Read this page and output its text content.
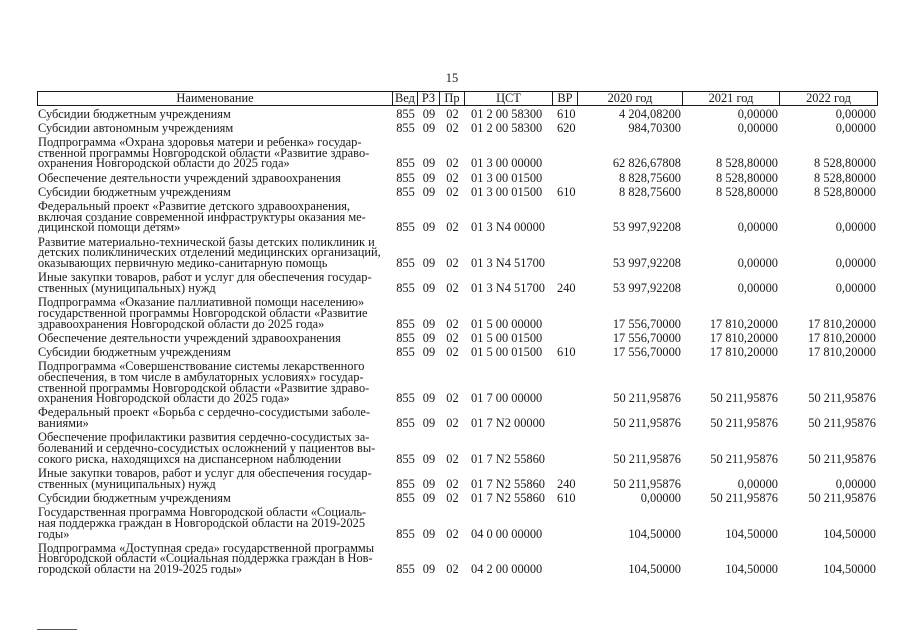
15
Наименование	Вед РЗ Пр	ЦСТ	ВР	2020 год	2021 год	2022 год
Субсидии бюджетным учреждениям	855 09 02 01 2 00 58300	610	4 204,08200	0,00000	0,00000
Субсидии автономным учреждениям	855 09 02 01 2 00 58300	620	984,70300	0,00000	0,00000
Подпрограмма «Охрана здоровья матери и ребенка» государ-
ственной программы Новгородской области «Развитие здраво-
охранения Новгородской области до 2025 года»	855 09 02 01 3 00 00000	62 826,67808	8 528,80000	8 528,80000
Обеспечение деятельности учреждений здравоохранения	855 09 02 01 3 00 01500	8 828,75600	8 528,80000	8 528,80000
Субсидии бюджетным учреждениям	855 09 02 01 3 00 01500	610	8 828,75600	8 528,80000	8 528,80000
Федеральный проект «Развитие детского здравоохранения,
включая создание современной инфраструктуры оказания ме-
дицинской помощи детям»	855 09 02 01 3 N4 00000	53 997,92208	0,00000	0,00000
Развитие материально-технической базы детских поликлиник и
детских поликлинических отделений медицинских организаций,
оказывающих первичную медико-санитарную помощь	855 09 02 01 3 N4 51700	53 997,92208	0,00000	0,00000
Иные закупки товаров, работ и услуг для обеспечения государ-
ственных (муниципальных) нужд	855 09 02 01 3 N4 51700 240	53 997,92208	0,00000	0,00000
Подпрограмма «Оказание паллиативной помощи населению»
государственной программы Новгородской области «Развитие
здравоохранения Новгородской области до 2025 года»	855 09 02 01 5 00 00000	17 556,70000	17 810,20000	17 810,20000
Обеспечение деятельности учреждений здравоохранения	855 09 02 01 5 00 01500	17 556,70000	17 810,20000	17 810,20000
Субсидии бюджетным учреждениям	855 09 02 01 5 00 01500	610	17 556,70000	17 810,20000	17 810,20000
Подпрограмма «Совершенствование системы лекарственного
обеспечения, в том числе в амбулаторных условиях» государ-
ственной программы Новгородской области «Развитие здраво-
охранения Новгородской области до 2025 года»	855 09 02 01 7 00 00000	50 211,95876	50 211,95876	50 211,95876
Федеральный проект «Борьба с сердечно-сосудистыми заболе-
ваниями»	855 09 02 01 7 N2 00000	50 211,95876	50 211,95876	50 211,95876
Обеспечение профилактики развития сердечно-сосудистых за-
болеваний и сердечно-сосудистых осложнений у пациентов вы-
сокого риска, находящихся на диспансерном наблюдении	855 09 02 01 7 N2 55860	50 211,95876	50 211,95876	50 211,95876
Иные закупки товаров, работ и услуг для обеспечения государ-
ственных (муниципальных) нужд	855 09 02 01 7 N2 55860 240	50 211,95876	0,00000	0,00000
Субсидии бюджетным учреждениям	855 09 02 01 7 N2 55860 610	0,00000	50 211,95876	50 211,95876
Государственная программа Новгородской области «Социаль-
ная поддержка граждан в Новгородской области на 2019-2025
годы»	855 09 02 04 0 00 00000	104,50000	104,50000	104,50000
Подпрограмма «Доступная среда» государственной программы
Новгородской области «Социальная поддержка граждан в Нов-
городской области на 2019-2025 годы»	855 09 02 04 2 00 00000	104,50000	104,50000	104,50000
